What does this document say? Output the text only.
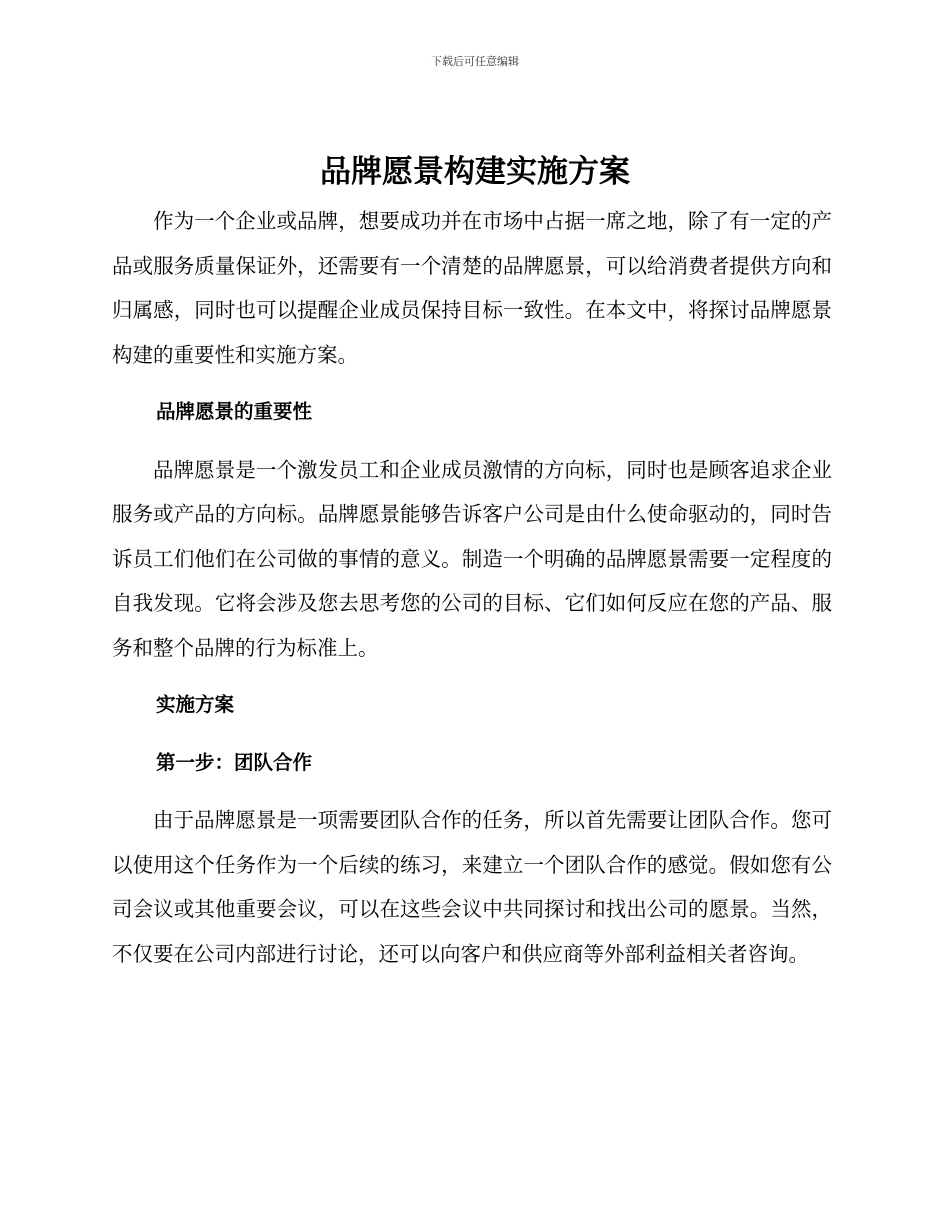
下载后可任意编辑
品牌愿景构建实施方案

作为一个企业或品牌，想要成功并在市场中占据一席之地，除了有一定的产品或服务质量保证外，还需要有一个清楚的品牌愿景，可以给消费者提供方向和归属感，同时也可以提醒企业成员保持目标一致性。在本文中，将探讨品牌愿景构建的重要性和实施方案。

品牌愿景的重要性

品牌愿景是一个激发员工和企业成员激情的方向标，同时也是顾客追求企业服务或产品的方向标。品牌愿景能够告诉客户公司是由什么使命驱动的，同时告诉员工们他们在公司做的事情的意义。制造一个明确的品牌愿景需要一定程度的自我发现。它将会涉及您去思考您的公司的目标、它们如何反应在您的产品、服务和整个品牌的行为标准上。

实施方案

第一步：团队合作

由于品牌愿景是一项需要团队合作的任务，所以首先需要让团队合作。您可以使用这个任务作为一个后续的练习，来建立一个团队合作的感觉。假如您有公司会议或其他重要会议，可以在这些会议中共同探讨和找出公司的愿景。当然，不仅要在公司内部进行讨论，还可以向客户和供应商等外部利益相关者咨询。
